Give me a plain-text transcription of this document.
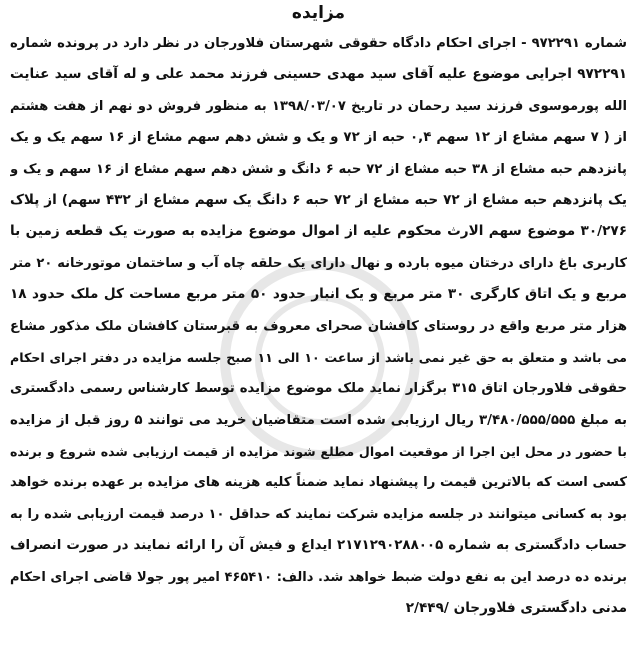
مزایده
شماره ۹۷۲۲۹۱ - اجرای احکام دادگاه حقوقی شهرستان فلاورجان در نظر دارد در پرونده شماره
۹۷۲۲۹۱ اجرایی موضوع علیه آقای سید مهدی حسینی فرزند محمد علی و له آقای سید عنایت
الله پورموسوی فرزند سید رحمان در تاریخ ۱۳۹۸/۰۳/۰۷ به منظور فروش دو نهم از هفت هشتم
از ( ۷ سهم مشاع از ۱۲ سهم ۰,۴ حبه از ۷۲ و یک و شش دهم سهم مشاع از ۱۶ سهم یک و یک
پانزدهم حبه مشاع از ۳۸ حبه مشاع از ۷۲ حبه ۶ دانگ و شش دهم سهم مشاع از ۱۶ سهم و یک و
یک پانزدهم حبه مشاع از ۷۲ حبه مشاع از ۷۲ حبه ۶ دانگ یک سهم مشاع از ۴۳۲ سهم) از پلاک
۳۰/۲۷۶ موضوع سهم الارث محکوم علیه از اموال موضوع مزایده به صورت یک قطعه زمین با
کاربری باغ دارای درختان میوه بارده و نهال دارای یک حلقه چاه آب و ساختمان موتورخانه ۲۰ متر
مربع و یک اتاق کارگری ۳۰ متر مربع و یک انبار حدود ۵۰ متر مربع مساحت کل ملک حدود ۱۸
هزار متر مربع واقع در روستای کافشان صحرای معروف به قبرستان کافشان ملک مذکور مشاع
می باشد و متعلق به حق غیر نمی باشد از ساعت ۱۰ الی ۱۱ صبح جلسه مزایده در دفتر اجرای احکام
حقوقی فلاورجان اتاق ۳۱۵ برگزار نماید ملک موضوع مزایده توسط کارشناس رسمی دادگستری
به مبلغ ۳/۴۸۰/۵۵۵/۵۵۵ ریال ارزیابی شده است متقاضیان خرید می توانند ۵ روز قبل از مزایده
با حضور در محل این اجرا از موقعیت اموال مطلع شوند مزایده از قیمت ارزیابی شده شروع و برنده
کسی است که بالاترین قیمت را پیشنهاد نماید ضمناً کلیه هزینه های مزایده بر عهده برنده خواهد
بود به کسانی میتوانند در جلسه مزایده شرکت نمایند که حداقل ۱۰ درصد قیمت ارزیابی شده را به
حساب دادگستری به شماره ۲۱۷۱۲۹۰۲۸۸۰۰۵ ایداع و فیش آن را ارائه نمایند در صورت انصراف
برنده ده درصد این به نفع دولت ضبط خواهد شد. دالف: ۴۶۵۴۱۰ امیر پور جولا قاضی اجرای احکام
مدنی دادگستری فلاورجان /۲/۴۴۹
